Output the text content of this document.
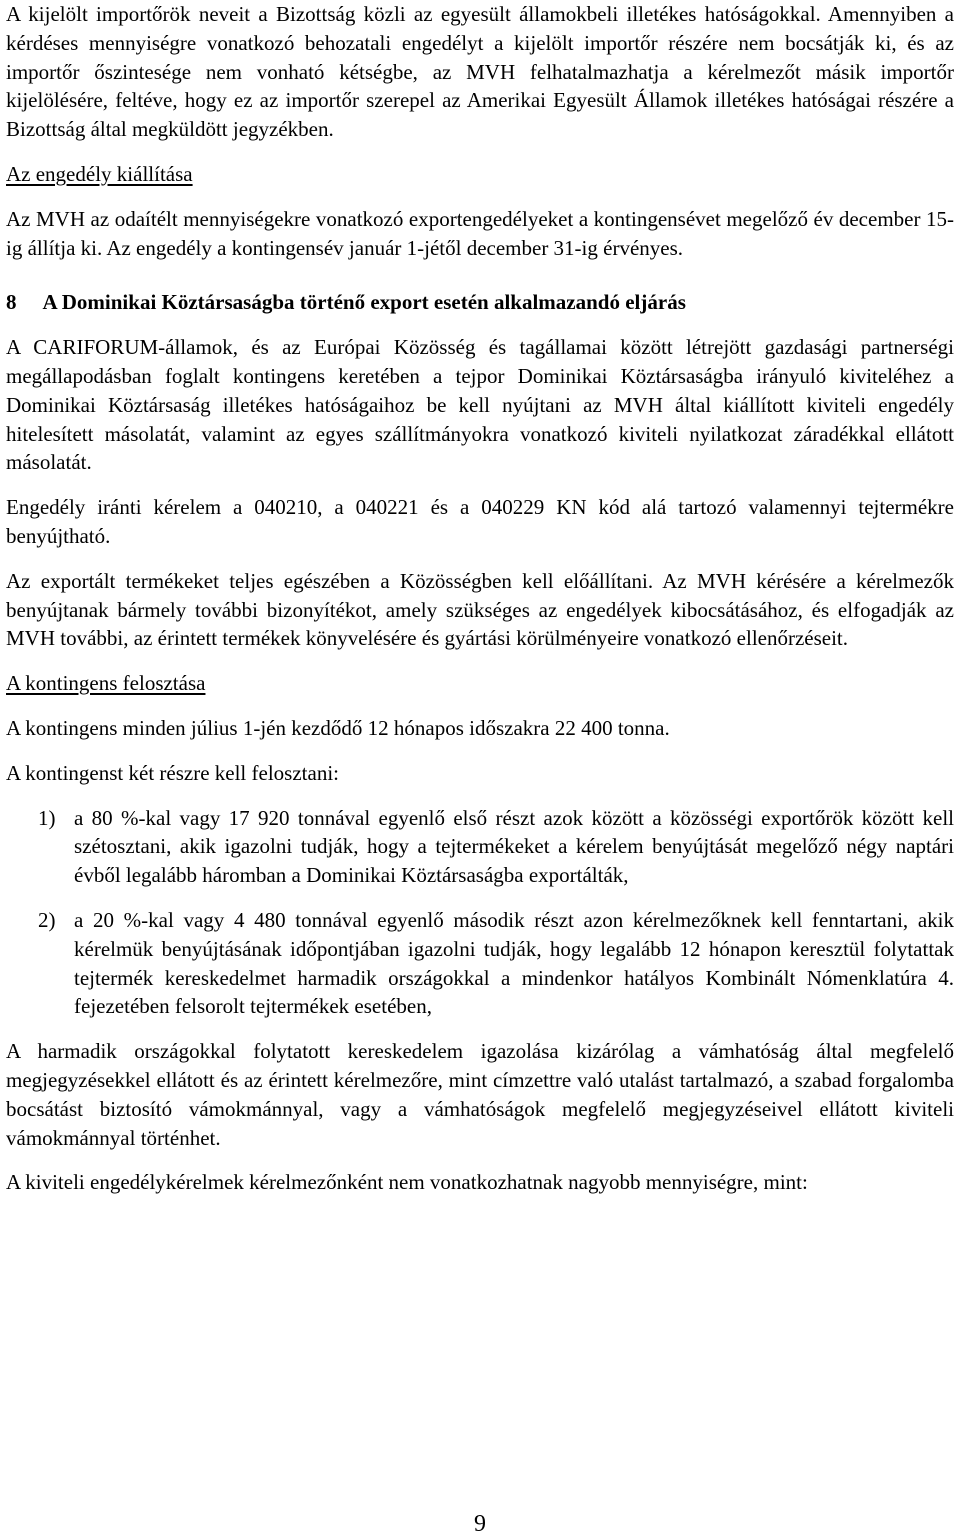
A kijelölt importőrök neveit a Bizottság közli az egyesült államokbeli illetékes hatóságokkal. Amennyiben a kérdéses mennyiségre vonatkozó behozatali engedélyt a kijelölt importőr részére nem bocsátják ki, és az importőr őszintesége nem vonható kétségbe, az MVH felhatalmazhatja a kérelmezőt másik importőr kijelölésére, feltéve, hogy ez az importőr szerepel az Amerikai Egyesült Államok illetékes hatóságai részére a Bizottság által megküldött jegyzékben.

Az engedély kiállítása

Az MVH az odaítélt mennyiségekre vonatkozó exportengedélyeket a kontingensévet megelőző év december 15-ig állítja ki. Az engedély a kontingensév január 1-jétől december 31-ig érvényes.

8 A Dominikai Köztársaságba történő export esetén alkalmazandó eljárás

A CARIFORUM-államok, és az Európai Közösség és tagállamai között létrejött gazdasági partnerségi megállapodásban foglalt kontingens keretében a tejpor Dominikai Köztársaságba irányuló kiviteléhez a Dominikai Köztársaság illetékes hatóságaihoz be kell nyújtani az MVH által kiállított kiviteli engedély hitelesített másolatát, valamint az egyes szállítmányokra vonatkozó kiviteli nyilatkozat záradékkal ellátott másolatát.

Engedély iránti kérelem a 040210, a 040221 és a 040229 KN kód alá tartozó valamennyi tejtermékre benyújtható.

Az exportált termékeket teljes egészében a Közösségben kell előállítani. Az MVH kérésére a kérelmezők benyújtanak bármely további bizonyítékot, amely szükséges az engedélyek kibocsátásához, és elfogadják az MVH további, az érintett termékek könyvelésére és gyártási körülményeire vonatkozó ellenőrzéseit.

A kontingens felosztása

A kontingens minden július 1-jén kezdődő 12 hónapos időszakra 22 400 tonna.

A kontingenst két részre kell felosztani:

1) a 80 %-kal vagy 17 920 tonnával egyenlő első részt azok között a közösségi exportőrök között kell szétosztani, akik igazolni tudják, hogy a tejtermékeket a kérelem benyújtását megelőző négy naptári évből legalább háromban a Dominikai Köztársaságba exportálták,
2) a 20 %-kal vagy 4 480 tonnával egyenlő második részt azon kérelmezőknek kell fenntartani, akik kérelmük benyújtásának időpontjában igazolni tudják, hogy legalább 12 hónapon keresztül folytattak tejtermék kereskedelmet harmadik országokkal a mindenkor hatályos Kombinált Nómenklatúra 4. fejezetében felsorolt tejtermékek esetében,

A harmadik országokkal folytatott kereskedelem igazolása kizárólag a vámhatóság által megfelelő megjegyzésekkel ellátott és az érintett kérelmezőre, mint címzettre való utalást tartalmazó, a szabad forgalomba bocsátást biztosító vámokmánnyal, vagy a vámhatóságok megfelelő megjegyzéseivel ellátott kiviteli vámokmánnyal történhet.

A kiviteli engedélykérelmek kérelmezőnként nem vonatkozhatnak nagyobb mennyiségre, mint:

9
